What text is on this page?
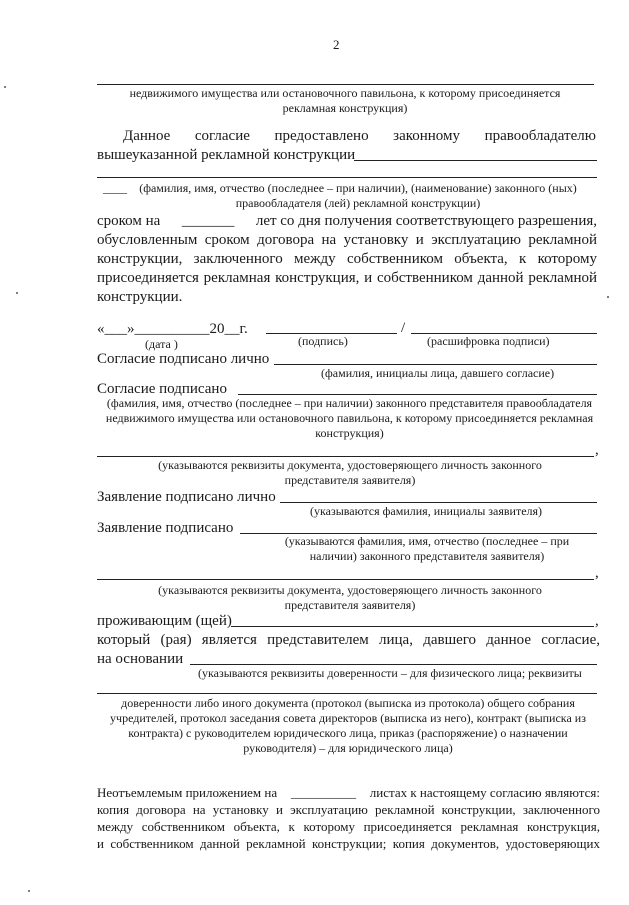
2
недвижимого имущества или остановочного павильона, к которому присоединяется рекламная конструкция)
Данное согласие предоставлено законному правообладателю
вышеуказанной рекламной конструкции
____	(фамилия, имя, отчество (последнее – при наличии), (наименование) законного (ных) правообладателя (лей) рекламной конструкции)
сроком на _______ лет со дня получения соответствующего разрешения,
обусловленным сроком договора на установку и эксплуатацию рекламной
конструкции, заключенного между собственником объекта, к которому
присоединяется рекламная конструкция, и собственником данной рекламной
конструкции.
«___»__________20__г.	/
(дата )	(подпись)	(расшифровка подписи)
Согласие подписано лично
(фамилия, инициалы лица, давшего согласие)
Согласие подписано
(фамилия, имя, отчество (последнее – при наличии) законного представителя правообладателя недвижимого имущества или остановочного павильона, к которому присоединяется рекламная конструкция)
,
(указываются реквизиты документа, удостоверяющего личность законного представителя заявителя)
Заявление подписано лично
(указываются фамилия, инициалы заявителя)
Заявление подписано
(указываются фамилия, имя, отчество (последнее – при наличии) законного представителя заявителя)
,
(указываются реквизиты документа, удостоверяющего личность законного представителя заявителя)
проживающим (щей)	,
который (рая) является представителем лица, давшего данное согласие,
на основании
(указываются реквизиты доверенности – для физического лица; реквизиты
доверенности либо иного документа (протокол (выписка из протокола) общего собрания учредителей, протокол заседания совета директоров (выписка из него), контракт (выписка из контракта) с руководителем юридического лица, приказ (распоряжение) о назначении руководителя) – для юридического лица)
Неотъемлемым приложением на __________ листах к настоящему согласию являются:
копия договора на установку и эксплуатацию рекламной конструкции, заключенного
между собственником объекта, к которому присоединяется рекламная конструкция,
и собственником данной рекламной конструкции; копия документов, удостоверяющих
